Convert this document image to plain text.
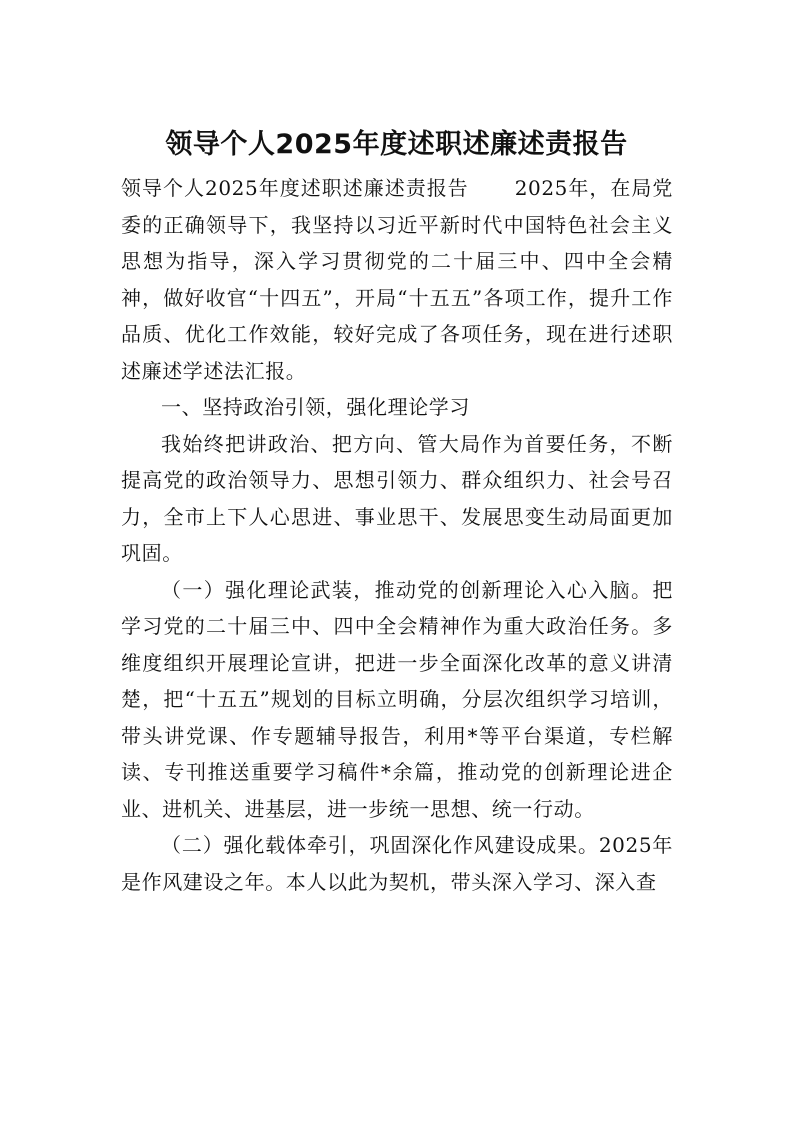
领导个人2025年度述职述廉述责报告

领导个人2025年度述职述廉述责报告 2025年，在局党委的正确领导下，我坚持以习近平新时代中国特色社会主义思想为指导，深入学习贯彻党的二十届三中、四中全会精神，做好收官“十四五”，开局“十五五”各项工作，提升工作品质、优化工作效能，较好完成了各项任务，现在进行述职述廉述学述法汇报。

一、坚持政治引领，强化理论学习

我始终把讲政治、把方向、管大局作为首要任务，不断提高党的政治领导力、思想引领力、群众组织力、社会号召力，全市上下人心思进、事业思干、发展思变生动局面更加巩固。

（一）强化理论武装，推动党的创新理论入心入脑。把学习党的二十届三中、四中全会精神作为重大政治任务。多维度组织开展理论宣讲，把进一步全面深化改革的意义讲清楚，把“十五五”规划的目标立明确，分层次组织学习培训，带头讲党课、作专题辅导报告，利用*等平台渠道，专栏解读、专刊推送重要学习稿件*余篇，推动党的创新理论进企业、进机关、进基层，进一步统一思想、统一行动。

（二）强化载体牵引，巩固深化作风建设成果。2025年是作风建设之年。本人以此为契机，带头深入学习、深入查
